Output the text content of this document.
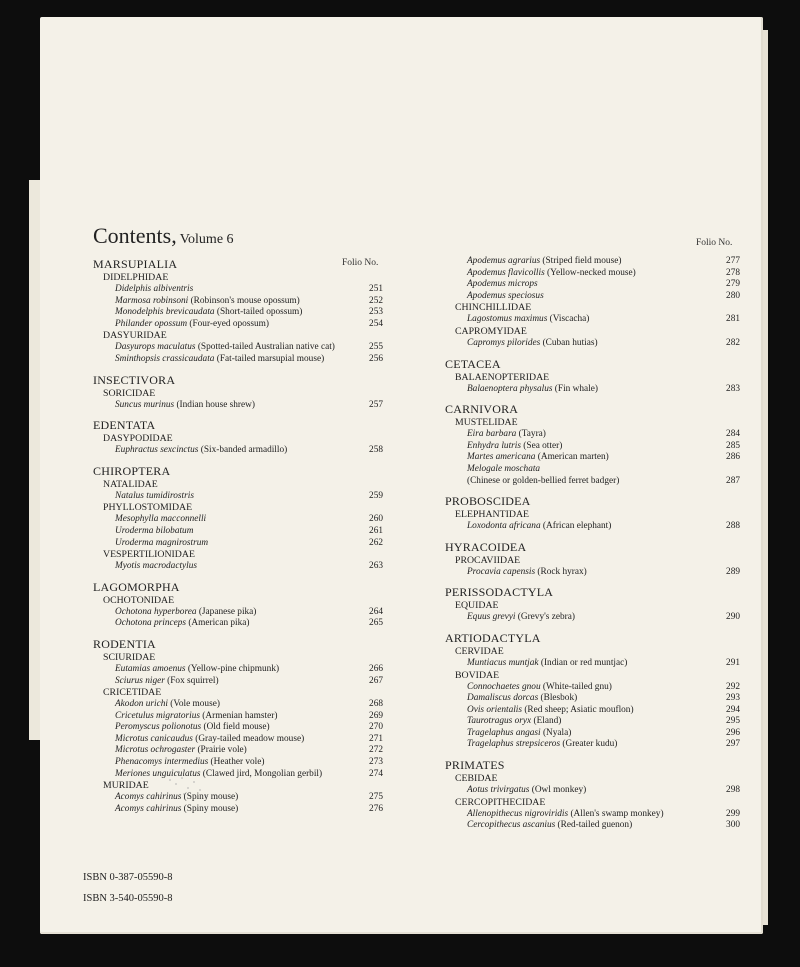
Contents, Volume 6
Folio No.
Folio No.
MARSUPIALIA
DIDELPHIDAE
Didelphis albiventris	251
Marmosa robinsoni (Robinson's mouse opossum)	252
Monodelphis brevicaudata (Short-tailed opossum)	253
Philander opossum (Four-eyed opossum)	254
DASYURIDAE
Dasyurops maculatus (Spotted-tailed Australian native cat)	255
Sminthopsis crassicaudata (Fat-tailed marsupial mouse)	256
INSECTIVORA
SORICIDAE
Suncus murinus (Indian house shrew)	257
EDENTATA
DASYPODIDAE
Euphractus sexcinctus (Six-banded armadillo)	258
CHIROPTERA
NATALIDAE
Natalus tumidirostris	259
PHYLLOSTOMIDAE
Mesophylla macconnelli	260
Uroderma bilobatum	261
Uroderma magnirostrum	262
VESPERTILIONIDAE
Myotis macrodactylus	263
LAGOMORPHA
OCHOTONIDAE
Ochotona hyperborea (Japanese pika)	264
Ochotona princeps (American pika)	265
RODENTIA
SCIURIDAE
Eutamias amoenus (Yellow-pine chipmunk)	266
Sciurus niger (Fox squirrel)	267
CRICETIDAE
Akodon urichi (Vole mouse)	268
Cricetulus migratorius (Armenian hamster)	269
Peromyscus polionotus (Old field mouse)	270
Microtus canicaudus (Gray-tailed meadow mouse)	271
Microtus ochrogaster (Prairie vole)	272
Phenacomys intermedius (Heather vole)	273
Meriones unguiculatus (Clawed jird, Mongolian gerbil)	274
MURIDAE
Acomys cahirinus (Spiny mouse)	275
Acomys cahirinus (Spiny mouse)	276
Apodemus agrarius (Striped field mouse)	277
Apodemus flavicollis (Yellow-necked mouse)	278
Apodemus microps	279
Apodemus speciosus	280
CHINCHILLIDAE
Lagostomus maximus (Viscacha)	281
CAPROMYIDAE
Capromys pilorides (Cuban hutias)	282
CETACEA
BALAENOPTERIDAE
Balaenoptera physalus (Fin whale)	283
CARNIVORA
MUSTELIDAE
Eira barbara (Tayra)	284
Enhydra lutris (Sea otter)	285
Martes americana (American marten)	286
Melogale moschata
(Chinese or golden-bellied ferret badger)	287
PROBOSCIDEA
ELEPHANTIDAE
Loxodonta africana (African elephant)	288
HYRACOIDEA
PROCAVIIDAE
Procavia capensis (Rock hyrax)	289
PERISSODACTYLA
EQUIDAE
Equus grevyi (Grevy's zebra)	290
ARTIODACTYLA
CERVIDAE
Muntiacus muntjak (Indian or red muntjac)	291
BOVIDAE
Connochaetes gnou (White-tailed gnu)	292
Damaliscus dorcas (Blesbok)	293
Ovis orientalis (Red sheep; Asiatic mouflon)	294
Taurotragus oryx (Eland)	295
Tragelaphus angasi (Nyala)	296
Tragelaphus strepsiceros (Greater kudu)	297
PRIMATES
CEBIDAE
Aotus trivirgatus (Owl monkey)	298
CERCOPITHECIDAE
Allenopithecus nigroviridis (Allen's swamp monkey)	299
Cercopithecus ascanius (Red-tailed guenon)	300
ISBN 0-387-05590-8
ISBN 3-540-05590-8
